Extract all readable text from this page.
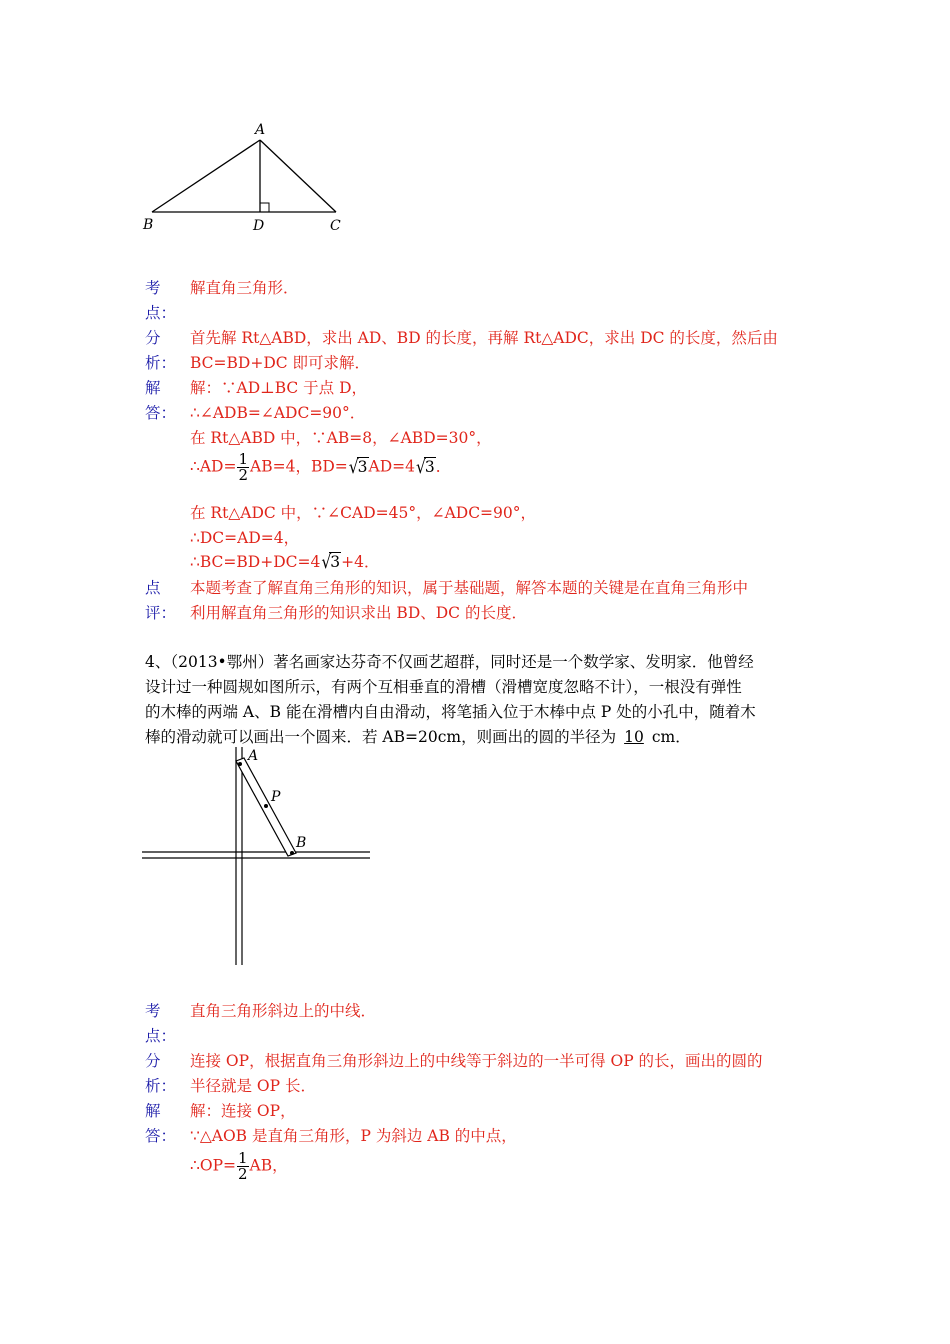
A
B	D	C
考
点：
解直角三角形．
分
析：
首先解 Rt△ABD，求出 AD、BD 的长度，再解 Rt△ADC，求出 DC 的长度，然后由
BC=BD+DC 即可求解．
解
答：
解：∵AD⊥BC 于点 D，
∴∠ADB=∠ADC=90°．
在 Rt△ABD 中，∵AB=8，∠ABD=30°，
∴AD= $\frac{1}{2} AB=4$，BD=√3AD=4√3．
在 Rt△ADC 中，∵∠CAD=45°，∠ADC=90°，
∴DC=AD=4，
∴BC=BD+DC=4√3+4．
点
评：
本题考查了解直角三角形的知识，属于基础题，解答本题的关键是在直角三角形中
利用解直角三角形的知识求出 BD、DC 的长度．
4、（2013•鄂州）著名画家达芬奇不仅画艺超群，同时还是一个数学家、发明家．他曾经
设计过一种圆规如图所示，有两个互相垂直的滑槽（滑槽宽度忽略不计），一根没有弹性
的木棒的两端 A、B 能在滑槽内自由滑动，将笔插入位于木棒中点 P 处的小孔中，随着木
棒的滑动就可以画出一个圆来．若 AB=20cm，则画出的圆的半径为 10 cm．
A
P
B
考
点：
直角三角形斜边上的中线．
分
析：
连接 OP，根据直角三角形斜边上的中线等于斜边的一半可得 OP 的长，画出的圆的
半径就是 OP 长．
解
答：
解：连接 OP，
∵△AOB 是直角三角形，P 为斜边 AB 的中点，
∴OP= $\frac{1}{2}$ AB，
